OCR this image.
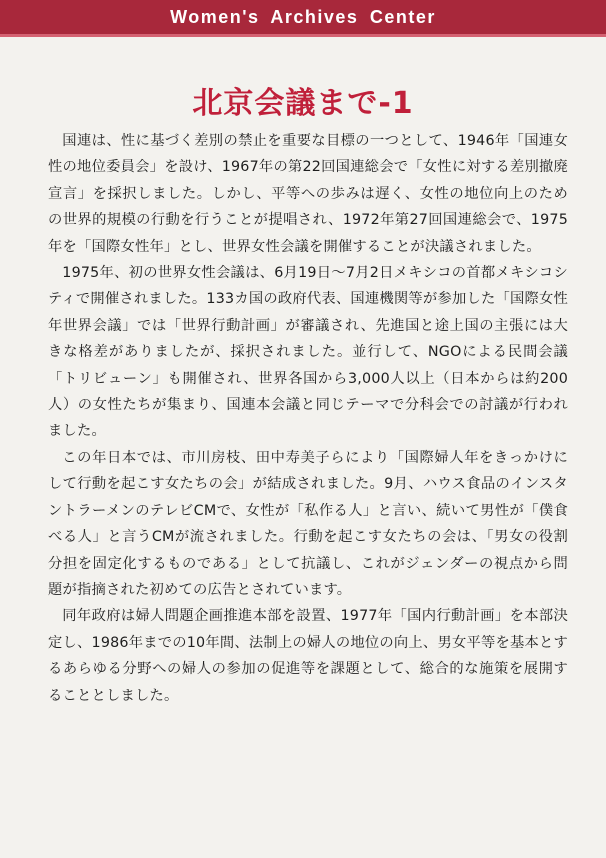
Women's Archives Center
北京会議まで-1

国連は、性に基づく差別の禁止を重要な目標の一つとして、1946年「国連女性の地位委員会」を設け、1967年の第22回国連総会で「女性に対する差別撤廃宣言」を採択しました。しかし、平等への歩みは遅く、女性の地位向上のための世界的規模の行動を行うことが提唱され、1972年第27回国連総会で、1975年を「国際女性年」とし、世界女性会議を開催することが決議されました。

1975年、初の世界女性会議は、6月19日〜7月2日メキシコの首都メキシコシティで開催されました。133カ国の政府代表、国連機関等が参加した「国際女性年世界会議」では「世界行動計画」が審議され、先進国と途上国の主張には大きな格差がありましたが、採択されました。並行して、NGOによる民間会議「トリビューン」も開催され、世界各国から3,000人以上（日本からは約200人）の女性たちが集まり、国連本会議と同じテーマで分科会での討議が行われました。

この年日本では、市川房枝、田中寿美子らにより「国際婦人年をきっかけにして行動を起こす女たちの会」が結成されました。9月、ハウス食品のインスタントラーメンのテレビCMで、女性が「私作る人」と言い、続いて男性が「僕食べる人」と言うCMが流されました。行動を起こす女たちの会は、「男女の役割分担を固定化するものである」として抗議し、これがジェンダーの視点から問題が指摘された初めての広告とされています。

同年政府は婦人問題企画推進本部を設置、1977年「国内行動計画」を本部決定し、1986年までの10年間、法制上の婦人の地位の向上、男女平等を基本とするあらゆる分野への婦人の参加の促進等を課題として、総合的な施策を展開することとしました。
